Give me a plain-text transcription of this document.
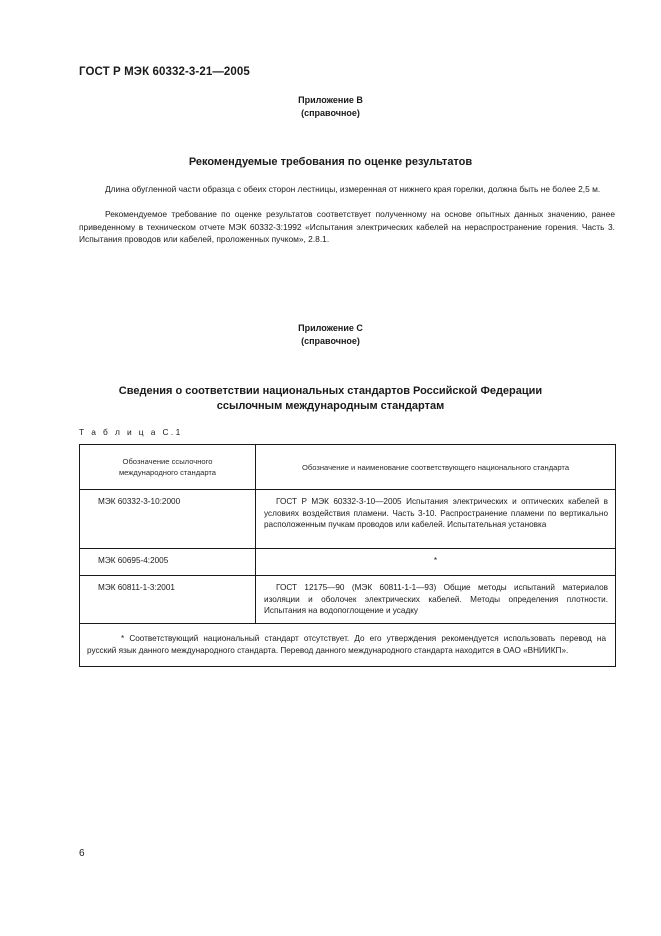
ГОСТ Р МЭК 60332-3-21—2005
Приложение В
(справочное)
Рекомендуемые требования по оценке результатов
Длина обугленной части образца с обеих сторон лестницы, измеренная от нижнего края горелки, должна быть не более 2,5 м.
Рекомендуемое требование по оценке результатов соответствует полученному на основе опытных данных значению, ранее приведенному в техническом отчете МЭК 60332-3:1992 «Испытания электрических кабелей на нераспространение горения. Часть 3. Испытания проводов или кабелей, проложенных пучком», 2.8.1.
Приложение С
(справочное)
Сведения о соответствии национальных стандартов Российской Федерации
ссылочным международным стандартам
Т а б л и ц а С.1
Обозначение ссылочного международного стандарта	Обозначение и наименование соответствующего национального стандарта
МЭК 60332-3-10:2000	ГОСТ Р МЭК 60332-3-10—2005 Испытания электрических и оптических кабелей в условиях воздействия пламени. Часть 3-10. Распространение пламени по вертикально расположенным пучкам проводов или кабелей. Испытательная установка
МЭК 60695-4:2005	*
МЭК 60811-1-3:2001	ГОСТ 12175—90 (МЭК 60811-1-1—93) Общие методы испытаний материалов изоляции и оболочек электрических кабелей. Методы определения плотности. Испытания на водопоглощение и усадку
* Соответствующий национальный стандарт отсутствует. До его утверждения рекомендуется использовать перевод на русский язык данного международного стандарта. Перевод данного международного стандарта находится в ОАО «ВНИИКП».	
6
